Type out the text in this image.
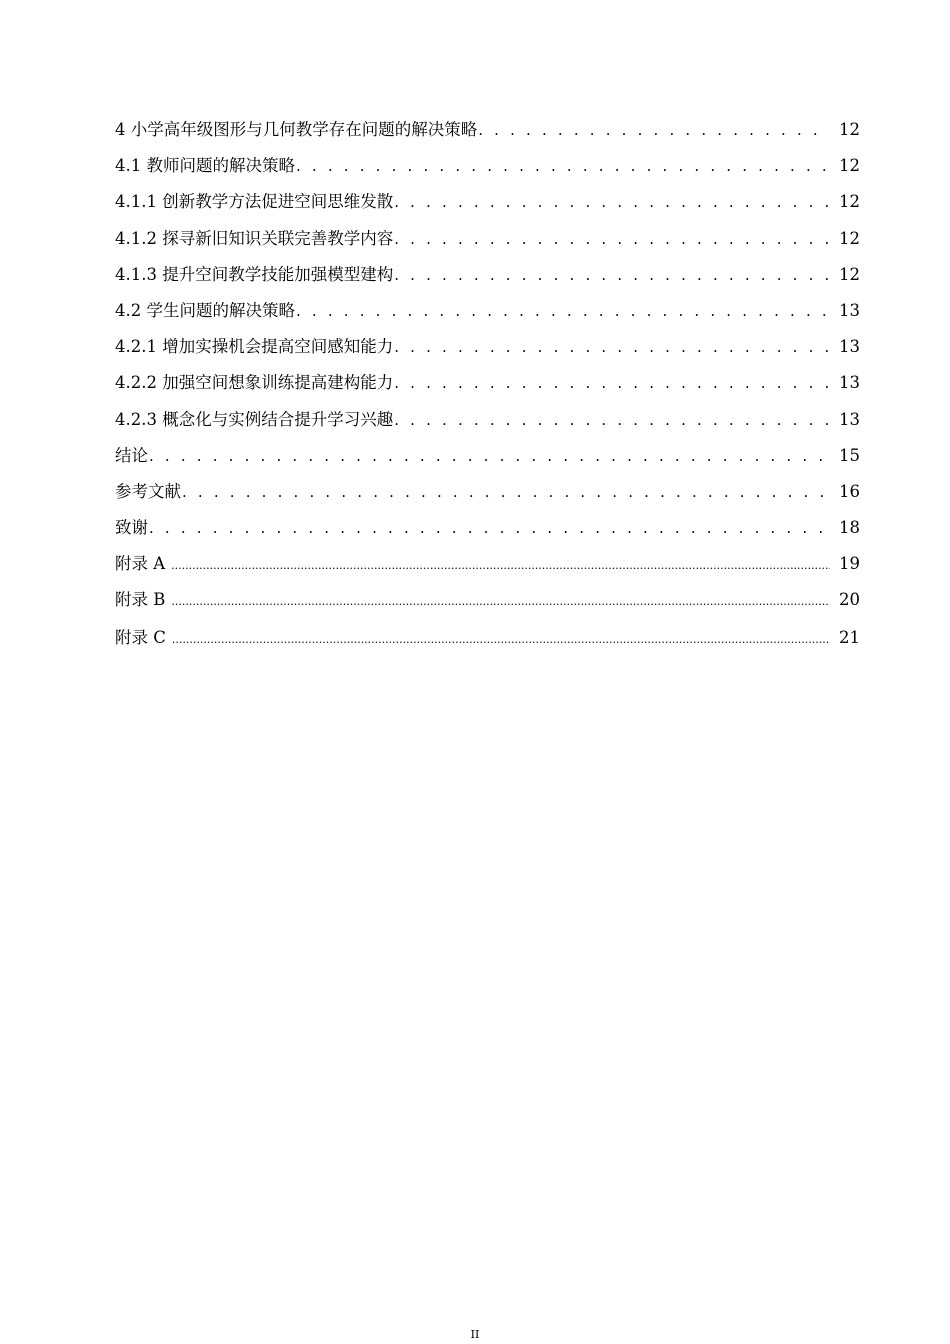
4 小学高年级图形与几何教学存在问题的解决策略 . . .	12
4.1 教师问题的解决策略 . . .	12
4.1.1 创新教学方法促进空间思维发散 . . .	12
4.1.2 探寻新旧知识关联完善教学内容 . . .	12
4.1.3 提升空间教学技能加强模型建构 . . .	12
4.2 学生问题的解决策略 . . .	13
4.2.1 增加实操机会提高空间感知能力 . . .	13
4.2.2 加强空间想象训练提高建构能力 . . .	13
4.2.3 概念化与实例结合提升学习兴趣 . . .	13
结论 . . .	15
参考文献 . . .	16
致谢 . . .	18
附录 A .....	19
附录 B .....	20
附录 C .....	21
II
